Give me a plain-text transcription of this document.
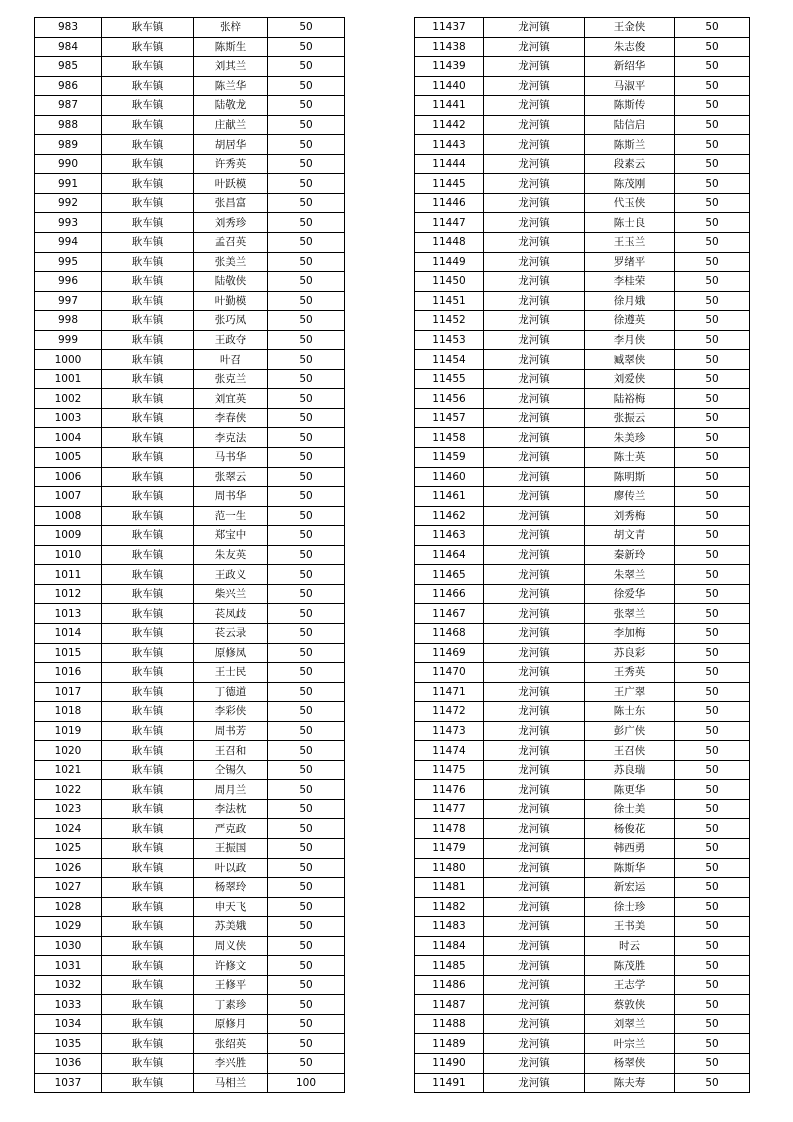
983	耿车镇	张梓	50
984	耿车镇	陈斯生	50
985	耿车镇	刘其兰	50
986	耿车镇	陈兰华	50
987	耿车镇	陆敬龙	50
988	耿车镇	庄献兰	50
989	耿车镇	胡居华	50
990	耿车镇	许秀英	50
991	耿车镇	叶跃模	50
992	耿车镇	张昌富	50
993	耿车镇	刘秀珍	50
994	耿车镇	孟召英	50
995	耿车镇	张美兰	50
996	耿车镇	陆敬侠	50
997	耿车镇	叶勤模	50
998	耿车镇	张巧凤	50
999	耿车镇	王政夺	50
1000	耿车镇	叶召	50
1001	耿车镇	张克兰	50
1002	耿车镇	刘宜英	50
1003	耿车镇	李春侠	50
1004	耿车镇	李克法	50
1005	耿车镇	马书华	50
1006	耿车镇	张翠云	50
1007	耿车镇	周书华	50
1008	耿车镇	范一生	50
1009	耿车镇	郑宝中	50
1010	耿车镇	朱友英	50
1011	耿车镇	王政义	50
1012	耿车镇	柴兴兰	50
1013	耿车镇	苌凤歧	50
1014	耿车镇	苌云录	50
1015	耿车镇	原修凤	50
1016	耿车镇	王士民	50
1017	耿车镇	丁德道	50
1018	耿车镇	李彩侠	50
1019	耿车镇	周书芳	50
1020	耿车镇	王召和	50
1021	耿车镇	仝锡久	50
1022	耿车镇	周月兰	50
1023	耿车镇	李法枕	50
1024	耿车镇	严克政	50
1025	耿车镇	王振国	50
1026	耿车镇	叶以政	50
1027	耿车镇	杨翠玲	50
1028	耿车镇	申天飞	50
1029	耿车镇	苏美娥	50
1030	耿车镇	周义侠	50
1031	耿车镇	许修文	50
1032	耿车镇	王修平	50
1033	耿车镇	丁素珍	50
1034	耿车镇	原修月	50
1035	耿车镇	张绍英	50
1036	耿车镇	李兴胜	50
1037	耿车镇	马相兰	100
11437	龙河镇	王金侠	50
11438	龙河镇	朱志俊	50
11439	龙河镇	新绍华	50
11440	龙河镇	马淑平	50
11441	龙河镇	陈斯传	50
11442	龙河镇	陆信启	50
11443	龙河镇	陈斯兰	50
11444	龙河镇	段素云	50
11445	龙河镇	陈茂刚	50
11446	龙河镇	代玉侠	50
11447	龙河镇	陈士良	50
11448	龙河镇	王玉兰	50
11449	龙河镇	罗绪平	50
11450	龙河镇	李桂荣	50
11451	龙河镇	徐月娥	50
11452	龙河镇	徐遵英	50
11453	龙河镇	李月侠	50
11454	龙河镇	臧翠侠	50
11455	龙河镇	刘爱侠	50
11456	龙河镇	陆裕梅	50
11457	龙河镇	张振云	50
11458	龙河镇	朱美珍	50
11459	龙河镇	陈士英	50
11460	龙河镇	陈明斯	50
11461	龙河镇	廖传兰	50
11462	龙河镇	刘秀梅	50
11463	龙河镇	胡文青	50
11464	龙河镇	秦新玲	50
11465	龙河镇	朱翠兰	50
11466	龙河镇	徐爱华	50
11467	龙河镇	张翠兰	50
11468	龙河镇	李加梅	50
11469	龙河镇	苏良彩	50
11470	龙河镇	王秀英	50
11471	龙河镇	王广翠	50
11472	龙河镇	陈士东	50
11473	龙河镇	彭广侠	50
11474	龙河镇	王召侠	50
11475	龙河镇	苏良瑞	50
11476	龙河镇	陈更华	50
11477	龙河镇	徐士美	50
11478	龙河镇	杨俊花	50
11479	龙河镇	韩西勇	50
11480	龙河镇	陈斯华	50
11481	龙河镇	新宏运	50
11482	龙河镇	徐士珍	50
11483	龙河镇	王书美	50
11484	龙河镇	时云	50
11485	龙河镇	陈茂胜	50
11486	龙河镇	王志学	50
11487	龙河镇	蔡敦侠	50
11488	龙河镇	刘翠兰	50
11489	龙河镇	叶宗兰	50
11490	龙河镇	杨翠侠	50
11491	龙河镇	陈夫寿	50
